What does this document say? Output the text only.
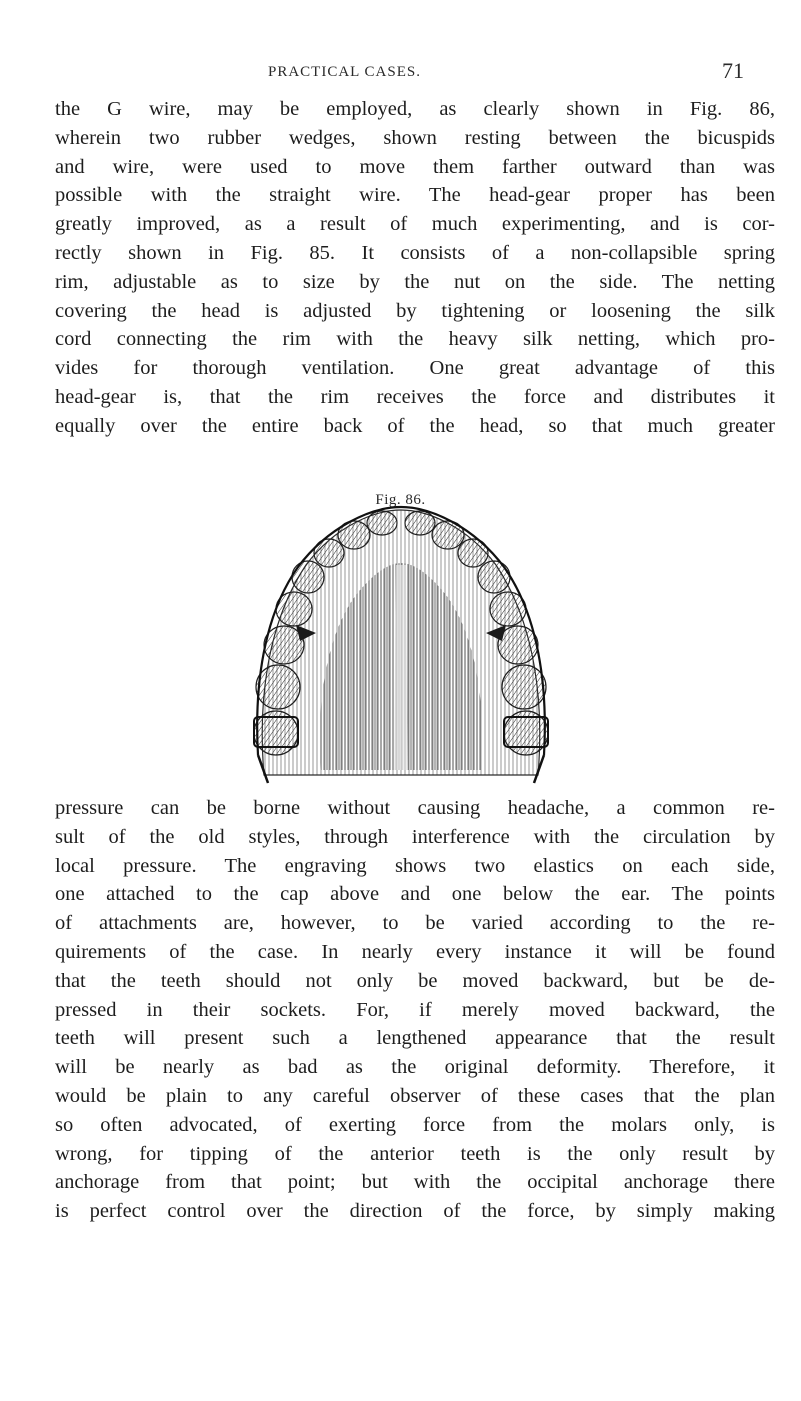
PRACTICAL CASES.	71
the G wire, may be employed, as clearly shown in Fig. 86,
wherein two rubber wedges, shown resting between the bicuspids
and wire, were used to move them farther outward than was
possible with the straight wire. The head-gear proper has been
greatly improved, as a result of much experimenting, and is cor-
rectly shown in Fig. 85. It consists of a non-collapsible spring
rim, adjustable as to size by the nut on the side. The netting
covering the head is adjusted by tightening or loosening the silk
cord connecting the rim with the heavy silk netting, which pro-
vides for thorough ventilation. One great advantage of this
head-gear is, that the rim receives the force and distributes it
equally over the entire back of the head, so that much greater
Fig. 86.
pressure can be borne without causing headache, a common re-
sult of the old styles, through interference with the circulation by
local pressure. The engraving shows two elastics on each side,
one attached to the cap above and one below the ear. The points
of attachments are, however, to be varied according to the re-
quirements of the case. In nearly every instance it will be found
that the teeth should not only be moved backward, but be de-
pressed in their sockets. For, if merely moved backward, the
teeth will present such a lengthened appearance that the result
will be nearly as bad as the original deformity. Therefore, it
would be plain to any careful observer of these cases that the plan
so often advocated, of exerting force from the molars only, is
wrong, for tipping of the anterior teeth is the only result by
anchorage from that point; but with the occipital anchorage there
is perfect control over the direction of the force, by simply making
